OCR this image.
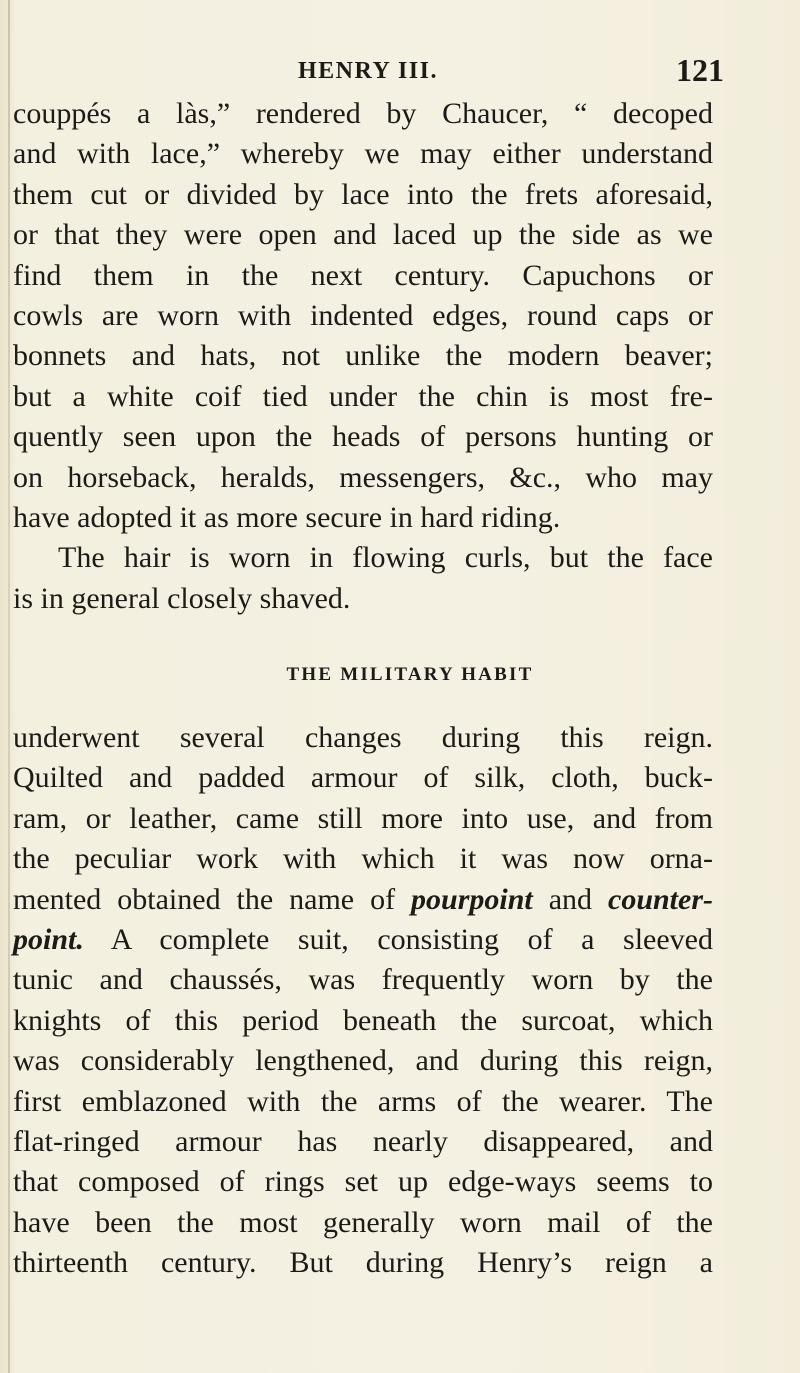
HENRY III.	121
couppés a làs,” rendered by Chaucer, “ decoped
and with lace,” whereby we may either understand
them cut or divided by lace into the frets aforesaid,
or that they were open and laced up the side as we
find them in the next century. Capuchons or
cowls are worn with indented edges, round caps or
bonnets and hats, not unlike the modern beaver;
but a white coif tied under the chin is most fre-
quently seen upon the heads of persons hunting or
on horseback, heralds, messengers, &c., who may
have adopted it as more secure in hard riding.
The hair is worn in flowing curls, but the face
is in general closely shaved.
THE MILITARY HABIT
underwent several changes during this reign.
Quilted and padded armour of silk, cloth, buck-
ram, or leather, came still more into use, and from
the peculiar work with which it was now orna-
mented obtained the name of pourpoint and counter-
point. A complete suit, consisting of a sleeved
tunic and chaussés, was frequently worn by the
knights of this period beneath the surcoat, which
was considerably lengthened, and during this reign,
first emblazoned with the arms of the wearer. The
flat-ringed armour has nearly disappeared, and
that composed of rings set up edge-ways seems to
have been the most generally worn mail of the
thirteenth century. But during Henry’s reign a
